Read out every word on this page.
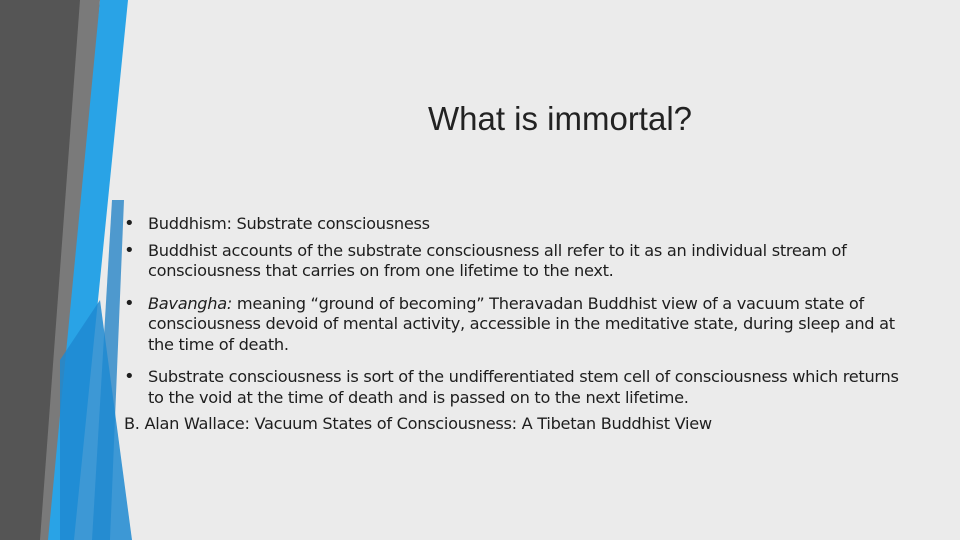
What is immortal?
• Buddhism: Substrate consciousness
• Buddhist accounts of the substrate consciousness all refer to it as an individual stream of consciousness that carries on from one lifetime to the next.
• Bavangha: meaning “ground of becoming” Theravadan Buddhist view of a vacuum state of consciousness devoid of mental activity, accessible in the meditative state, during sleep and at the time of death.
• Substrate consciousness is sort of the undifferentiated stem cell of consciousness which returns to the void at the time of death and is passed on to the next lifetime.
B. Alan Wallace: Vacuum States of Consciousness: A Tibetan Buddhist View
